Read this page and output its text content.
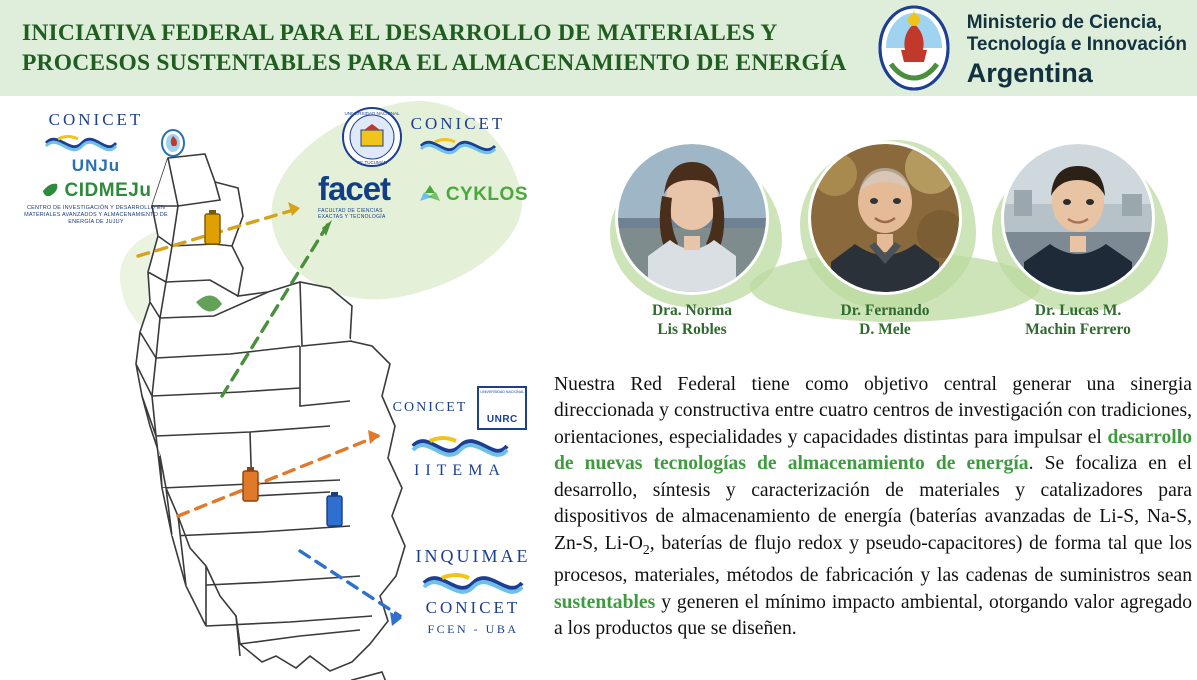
INICIATIVA FEDERAL PARA EL DESARROLLO DE MATERIALES Y PROCESOS SUSTENTABLES PARA EL ALMACENAMIENTO DE ENERGÍA
Ministerio de Ciencia,
Tecnología e Innovación
Argentina
CONICET
UNJu
CIDMEJu
CENTRO DE INVESTIGACIÓN Y DESARROLLO EN MATERIALES AVANZADOS Y ALMACENAMIENTO DE ENERGÍA DE JUJUY
UNIVERSIDAD NACIONAL
DE TUCUMÁN
CONICET
facet
FACULTAD DE CIENCIAS EXACTAS Y TECNOLOGÍA
CYKLOS
CONICET
UNIVERSIDAD NACIONAL
UNRC
IITEMA
INQUIMAE
CONICET
FCEN - UBA
Dra. Norma
Lis Robles
Dr. Fernando
D. Mele
Dr. Lucas M.
Machin Ferrero

Nuestra Red Federal tiene como objetivo central generar una sinergia direccionada y constructiva entre cuatro centros de investigación con tradiciones, orientaciones, especialidades y capacidades distintas para impulsar el desarrollo de nuevas tecnologías de almacenamiento de energía. Se focaliza en el desarrollo, síntesis y caracterización de materiales y catalizadores para dispositivos de almacenamiento de energía (baterías avanzadas de Li-S, Na-S, Zn-S, $Li-O_2$, baterías de flujo redox y pseudo-capacitores) de forma tal que los procesos, materiales, métodos de fabricación y las cadenas de suministros sean sustentables y generen el mínimo impacto ambiental, otorgando valor agregado a los productos que se diseñen.
